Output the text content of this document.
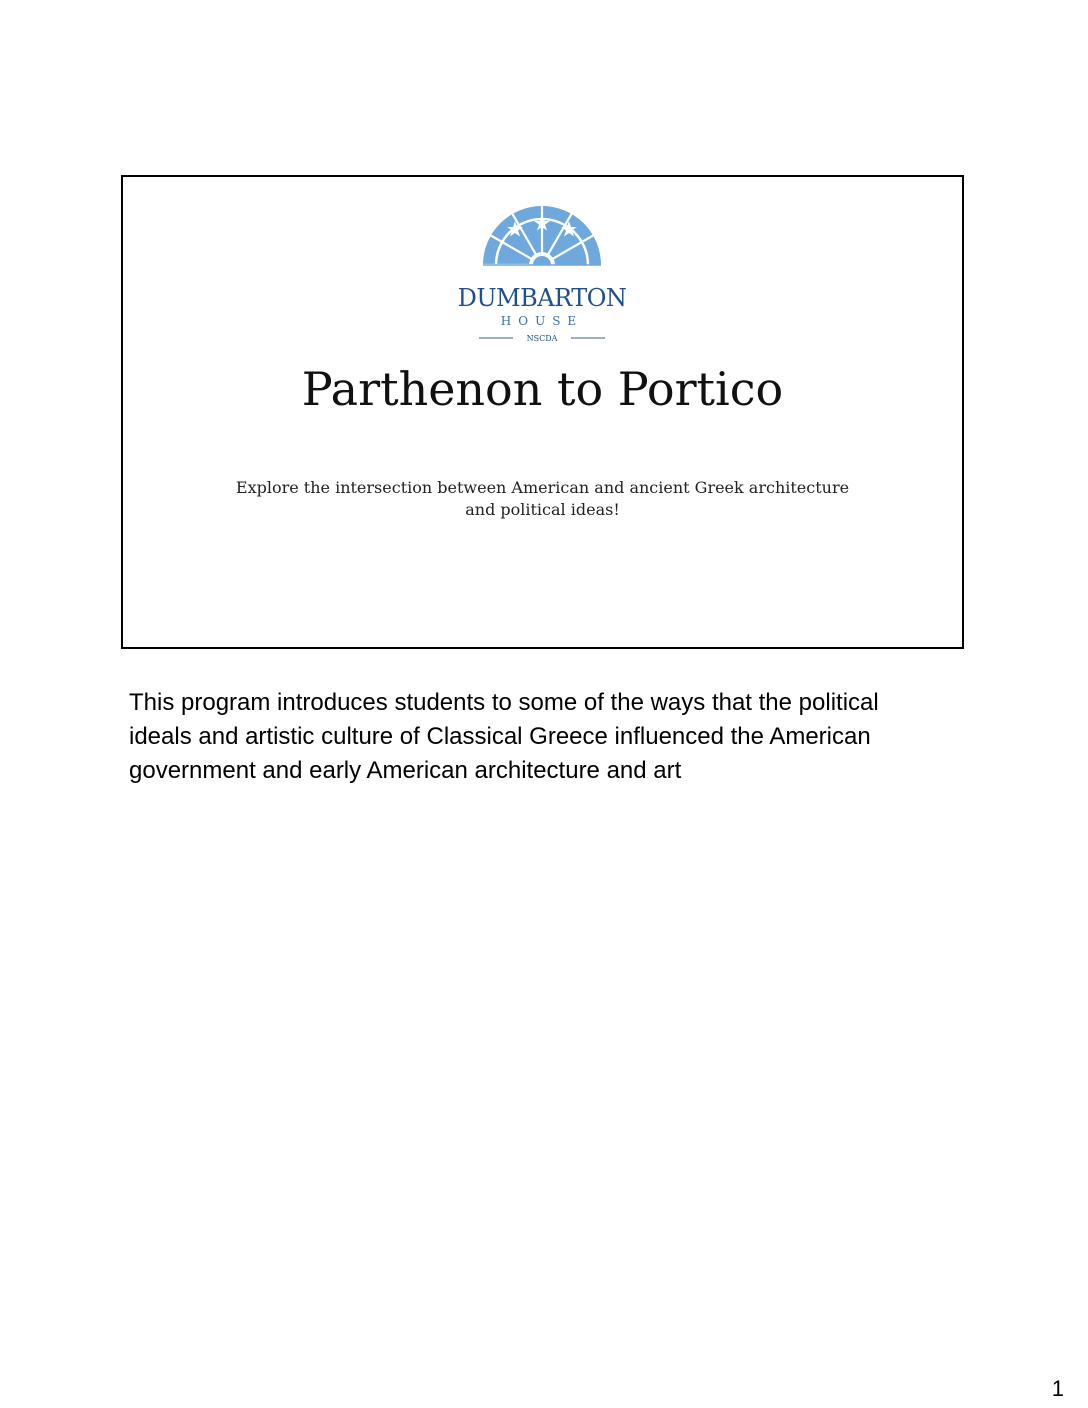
DUMBARTON
HOUSE
NSCDA
Parthenon to Portico
Explore the intersection between American and ancient Greek architecture
and political ideas!
This program introduces students to some of the ways that the political
ideals and artistic culture of Classical Greece influenced the American
government and early American architecture and art
1
